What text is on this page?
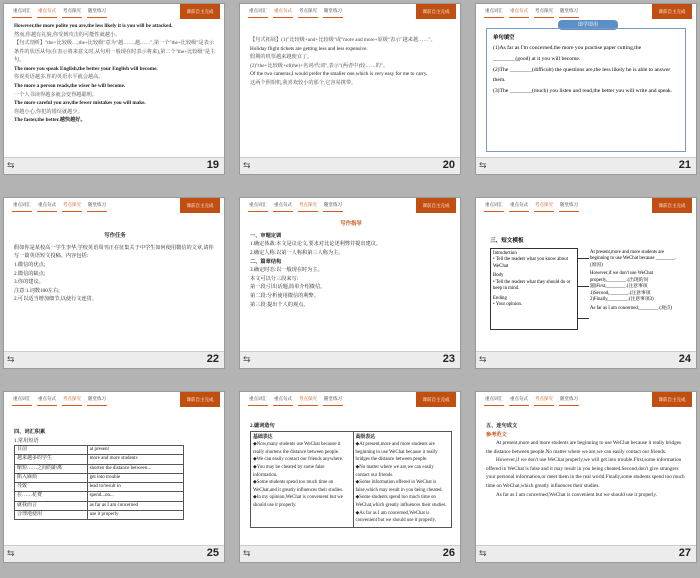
课前自主完成
重点词汇 重点句式 考点探究 随堂练习
However,the more polite you are,the less likely it is you will be attacked.
然而,你越有礼貌,你受到攻击的可能性就越小。
【句式剖析】"the+比较级…,the+比较级"意为"越……,越……",第一个"the+比较级"是表示条件的状语从句(在表示将来意义时,从句用一般现在时表示将来),第二个"the+比较级"是主句。
The more you speak English,the better your English will become.
你说英语越多,你的英语水平就会越高。
The more a person reads,the wiser he will become.
一个人书读得越多就会变得越聪明。
The more careful you are,the fewer mistakes you will make.
你越小心,你犯的错误就越少。
The faster,the better.越快越好。
⇆	19
课前自主完成
重点词汇 重点句式 考点探究 随堂练习
【句式拓展】(1)"比较级+and+比较级"或"more and more+原级"表示"越来越……"。
Holiday flight tickets are getting less and less expensive.
假期的机票越来越便宜了。
(2)"the+比较级+of(the)+名词/代词",表示"(两者中)较……的"。
Of the two cameras,I would prefer the smaller one,which is very easy for me to carry.
这两个照相机,我喜欢较小的那个,它容易携带。
⇆	20
课前自主完成
重点词汇 重点句式 考点探究 随堂练习
即学即用
单句填空
(1)As far as I'm concerned,the more you practise paper cutting,the ________(good) at it you will become.
(2)The ________(difficult) the questions are,the less likely he is able to answer them.
(3)The ________(much) you listen and read,the better you will write and speak.
⇆	21
课前自主完成
重点词汇 重点句式 考点探究 随堂练习
写作任务
假如你是某校高一学生李华,学校英语周刊正在征集关于中学生如何使用微信的文章,请你写一篇英语短文投稿。内容包括:
1.微信的优点;
2.微信的缺点;
3.你的建议。
注意:1.词数100左右;
2.可以适当增加细节,以使行文连贯。
⇆	22
课前自主完成
重点词汇 重点句式 考点探究 随堂练习
写作指导
一、审题定调
1.确定体裁:本文是议论文,要求对比论述利弊并提出建议。
2.确定人称:以第一人称和第三人称为主。
二、篇章结构
3.确定时态:以一般现在时为主。
本文可以分三段来写:
第一段:引出话题,简单介绍微信。
第二段:分析使用微信的利弊。
第三段:提出个人的观点。
⇆	23
课前自主完成
重点词汇 重点句式 考点探究 随堂练习
三、短文模板
Introduction
• Tell the readers what you know about WeChat
Body
• Tell the readers what they should do or keep in mind.
Ending
• Your opinion.
At present,more and more students are beginning to use WeChat because ________.(原因)
However,if we don't use WeChat properly,________.(出现的问题)First,________.(注意事项1)Second,________.(注意事项2)Finally,________.(注意事项3)
As far as I am concerned,________.(观点)
⇆	24
课前自主完成
重点词汇 重点句式 考点探究 随堂练习
四、词汇积累
1.常用短语
目前	at present
越来越多的学生	more and more students
缩短……之间的距离	shorten the distance between...
陷入麻烦	get into trouble
导致	lead to/result in
在……花费	spend...on...
就我而言	as far as I am concerned
合理地使用	use it properly
⇆	25
课前自主完成
重点词汇 重点句式 考点探究 随堂练习
2.谴词造句
基础表达
◆Now,many students use WeChat because it really shortens the distance between people.
◆We can easily contact our friends anywhere.
◆You may be cheated by some false information.
◆Some students spend too much time on WeChat,and it greatly influences their studies.
◆In my opinion,WeChat is convenient but we should use it properly.
高级表达
◆At present,more and more students are beginning to use WeChat because it really bridges the distance between people.
◆No matter where we are,we can easily contact our friends.
◆Some information offered in WeChat is false,which may result in you being cheated.
◆Some students spend too much time on WeChat,which greatly influences their studies.
◆As far as I am concerned,WeChat is convenient but we should use it properly.
⇆	26
课前自主完成
重点词汇 重点句式 考点探究 随堂练习
五、连句成文
参考范文
At present,more and more students are beginning to use WeChat because it really bridges the distance between people.No matter where we are,we can easily contact our friends.
However,if we don't use WeChat properly,we will get into trouble.First,some information offered in WeChat is false and it may result in you being cheated.Second,don't give strangers your personal information,or meet them in the real world.Finally,some students spend too much time on WeChat,which greatly influences their studies.
As far as I am concerned,WeChat is convenient but we should use it properly.
⇆	27
